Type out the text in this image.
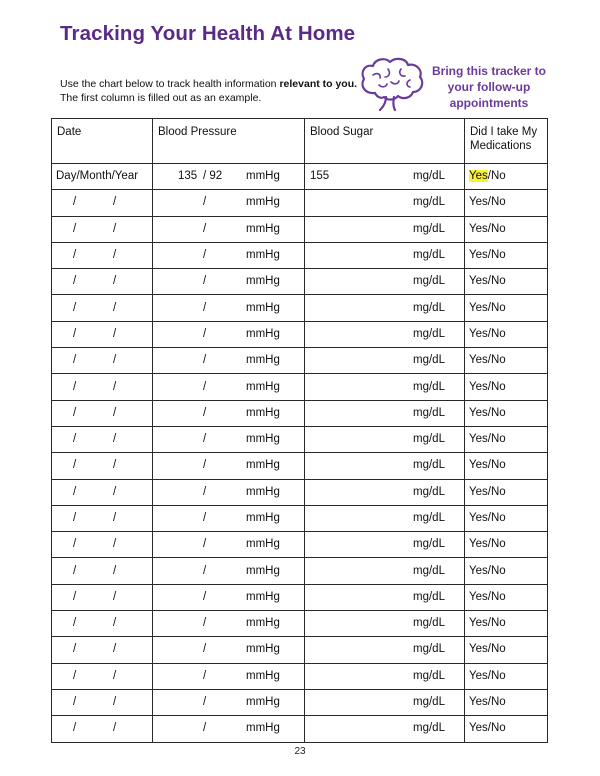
Tracking Your Health At Home

Use the chart below to track health information relevant to you. The first column is filled out as an example.

Bring this tracker to your follow-up appointments

Date	Blood Pressure	Blood Sugar	Did I take My Medications

Day/Month/Year	135 / 92 mmHg	155 mg/dL	Yes/No

/ /	/ mmHg	mg/dL	Yes/No

/ /	/ mmHg	mg/dL	Yes/No

/ /	/ mmHg	mg/dL	Yes/No

/ /	/ mmHg	mg/dL	Yes/No

/ /	/ mmHg	mg/dL	Yes/No

/ /	/ mmHg	mg/dL	Yes/No

/ /	/ mmHg	mg/dL	Yes/No

/ /	/ mmHg	mg/dL	Yes/No

/ /	/ mmHg	mg/dL	Yes/No

/ /	/ mmHg	mg/dL	Yes/No

/ /	/ mmHg	mg/dL	Yes/No

/ /	/ mmHg	mg/dL	Yes/No

/ /	/ mmHg	mg/dL	Yes/No

/ /	/ mmHg	mg/dL	Yes/No

/ /	/ mmHg	mg/dL	Yes/No

/ /	/ mmHg	mg/dL	Yes/No

/ /	/ mmHg	mg/dL	Yes/No

/ /	/ mmHg	mg/dL	Yes/No

/ /	/ mmHg	mg/dL	Yes/No

/ /	/ mmHg	mg/dL	Yes/No

/ /	/ mmHg	mg/dL	Yes/No

23
